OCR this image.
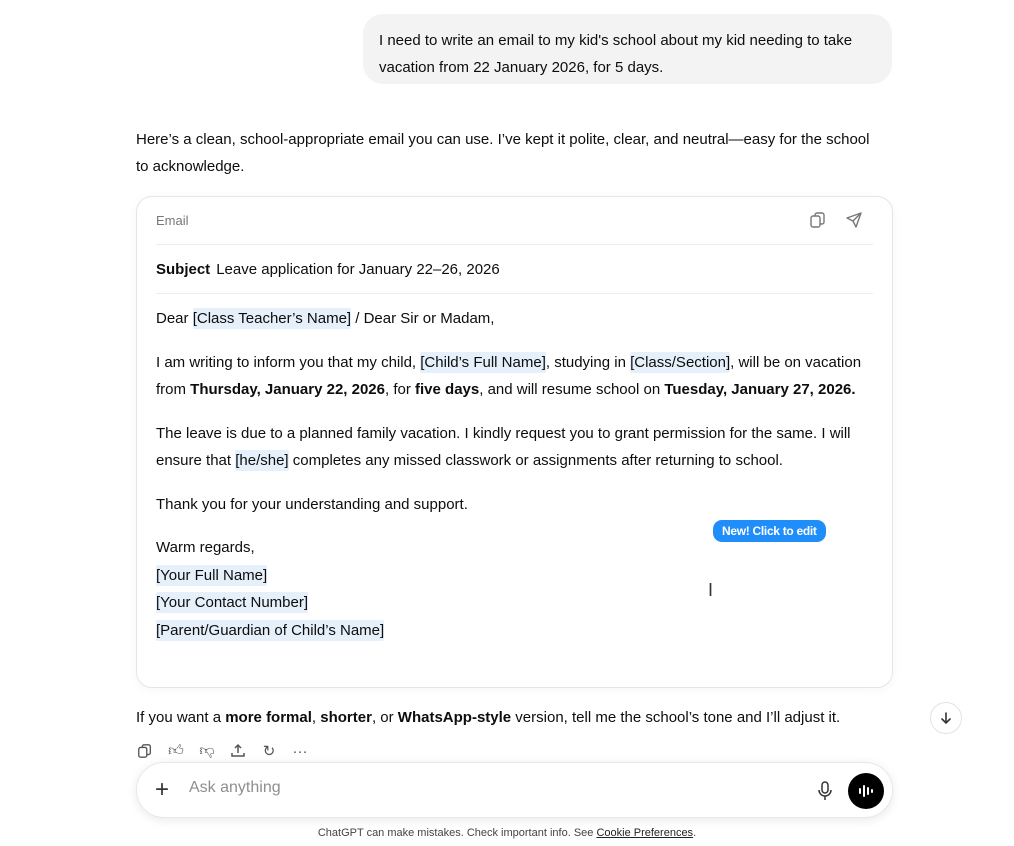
I need to write an email to my kid's school about my kid needing to take vacation from 22 January 2026, for 5 days.
Here’s a clean, school-appropriate email you can use. I’ve kept it polite, clear, and neutral—easy for the school to acknowledge.
Email
Subject Leave application for January 22–26, 2026

Dear [Class Teacher’s Name] / Dear Sir or Madam,

I am writing to inform you that my child, [Child’s Full Name], studying in [Class/Section], will be on vacation from Thursday, January 22, 2026, for five days, and will resume school on Tuesday, January 27, 2026.

The leave is due to a planned family vacation. I kindly request you to grant permission for the same. I will ensure that [he/she] completes any missed classwork or assignments after returning to school.

Thank you for your understanding and support.

Warm regards,
[Your Full Name]
[Your Contact Number]
[Parent/Guardian of Child’s Name]
New! Click to edit
I
If you want a more formal, shorter, or WhatsApp-style version, tell me the school’s tone and I’ll adjust it.
👍︎ 👎︎	↻ ···
+
Ask anything
ChatGPT can make mistakes. Check important info. See Cookie Preferences.
